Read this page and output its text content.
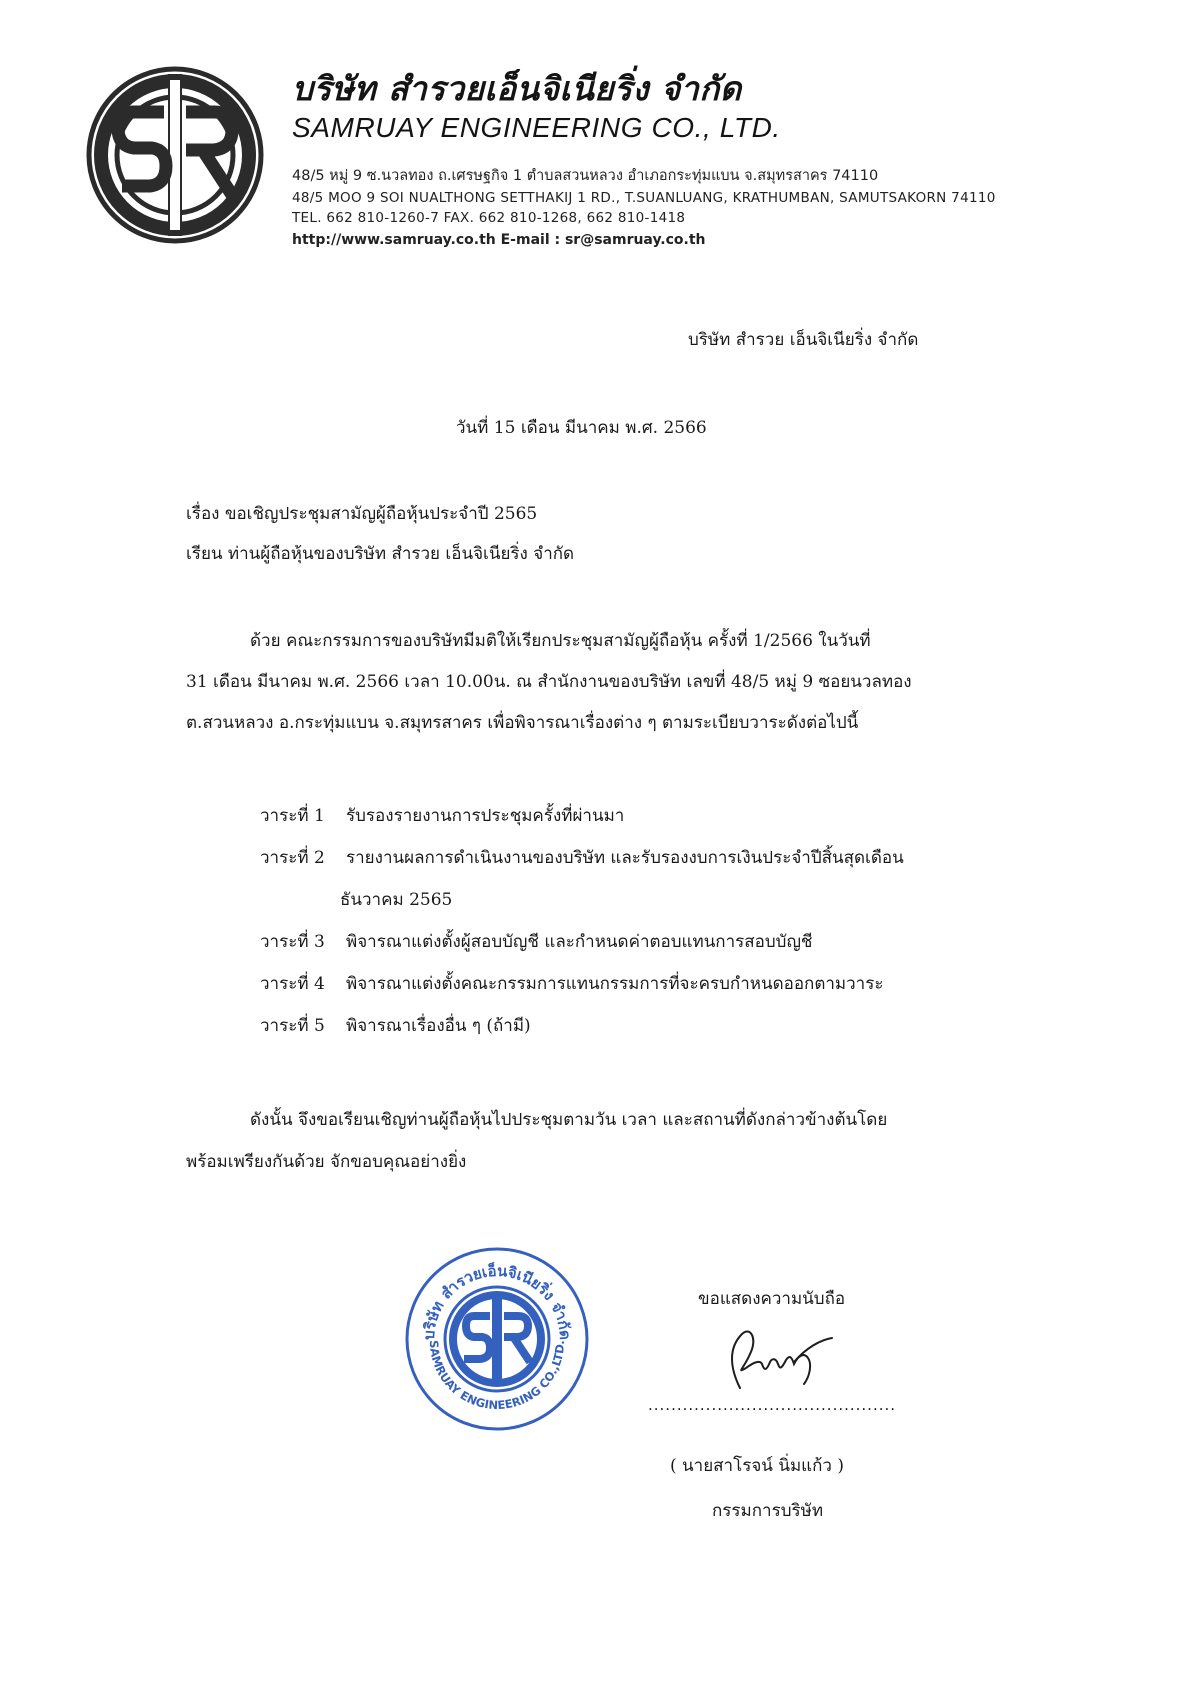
บริษัท สำรวยเอ็นจิเนียริ่ง จำกัด
SAMRUAY ENGINEERING CO., LTD.
48/5 หมู่ 9 ซ.นวลทอง ถ.เศรษฐกิจ 1 ตำบลสวนหลวง อำเภอกระทุ่มแบน จ.สมุทรสาคร 74110
48/5 MOO 9 SOI NUALTHONG SETTHAKIJ 1 RD., T.SUANLUANG, KRATHUMBAN, SAMUTSAKORN 74110
TEL. 662 810-1260-7 FAX. 662 810-1268, 662 810-1418
http://www.samruay.co.th E-mail : sr@samruay.co.th
บริษัท สำรวย เอ็นจิเนียริ่ง จำกัด
วันที่ 15 เดือน มีนาคม พ.ศ. 2566
เรื่อง ขอเชิญประชุมสามัญผู้ถือหุ้นประจำปี 2565
เรียน ท่านผู้ถือหุ้นของบริษัท สำรวย เอ็นจิเนียริ่ง จำกัด
ด้วย คณะกรรมการของบริษัทมีมติให้เรียกประชุมสามัญผู้ถือหุ้น ครั้งที่ 1/2566 ในวันที่
31 เดือน มีนาคม พ.ศ. 2566 เวลา 10.00น. ณ สำนักงานของบริษัท เลขที่ 48/5 หมู่ 9 ซอยนวลทอง
ต.สวนหลวง อ.กระทุ่มแบน จ.สมุทรสาคร เพื่อพิจารณาเรื่องต่าง ๆ ตามระเบียบวาระดังต่อไปนี้
วาระที่ 1	รับรองรายงานการประชุมครั้งที่ผ่านมา
วาระที่ 2	รายงานผลการดำเนินงานของบริษัท และรับรองงบการเงินประจำปีสิ้นสุดเดือน
ธันวาคม 2565
วาระที่ 3	พิจารณาแต่งตั้งผู้สอบบัญชี และกำหนดค่าตอบแทนการสอบบัญชี
วาระที่ 4	พิจารณาแต่งตั้งคณะกรรมการแทนกรรมการที่จะครบกำหนดออกตามวาระ
วาระที่ 5	พิจารณาเรื่องอื่น ๆ (ถ้ามี)
ดังนั้น จึงขอเรียนเชิญท่านผู้ถือหุ้นไปประชุมตามวัน เวลา และสถานที่ดังกล่าวข้างต้นโดย
พร้อมเพรียงกันด้วย จักขอบคุณอย่างยิ่ง
บริษัท สำรวยเอ็นจิเนียริ่ง จำกัด
SAMRUAY ENGINEERING CO.,LTD.
ขอแสดงความนับถือ
...........................................
( นายสาโรจน์ นิ่มแก้ว )
กรรมการบริษัท
